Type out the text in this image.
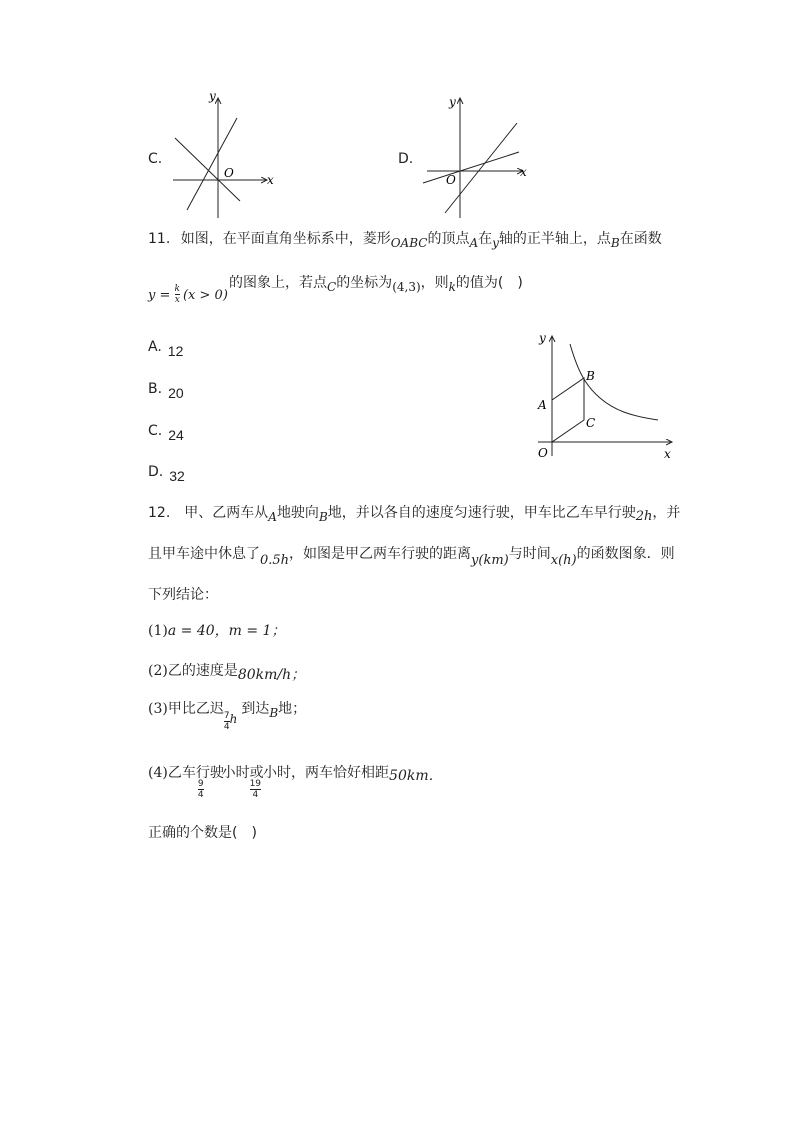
C.
y
x
O
D.
y
x
O
11. 如图，在平面直角坐标系中，菱形OABC的顶点A在y轴的正半轴上，点B在函数
$y = \frac{k}{x} (x > 0)$
的图象上，若点C的坐标为(4,3)，则k的值为(　)
A. 12
B. 20
C. 24
D. 32
y
x
O
A
B
C
12. 甲、乙两车从A地驶向B地，并以各自的速度匀速行驶，甲车比乙车早行驶2h，并
且甲车途中休息了0.5h，如图是甲乙两车行驶的距离y(km)与时间x(h)的函数图象．则
下列结论：
(1)a = 40，m = 1；
(2)乙的速度是80km/h；
(3)甲比乙迟
$\frac{7}{4}$ h到达B地；
(4)乙车行驶
$\frac{9}{4}$
小时或
$\frac{19}{4}$
小时，两车恰好相距50km．
正确的个数是(　)
